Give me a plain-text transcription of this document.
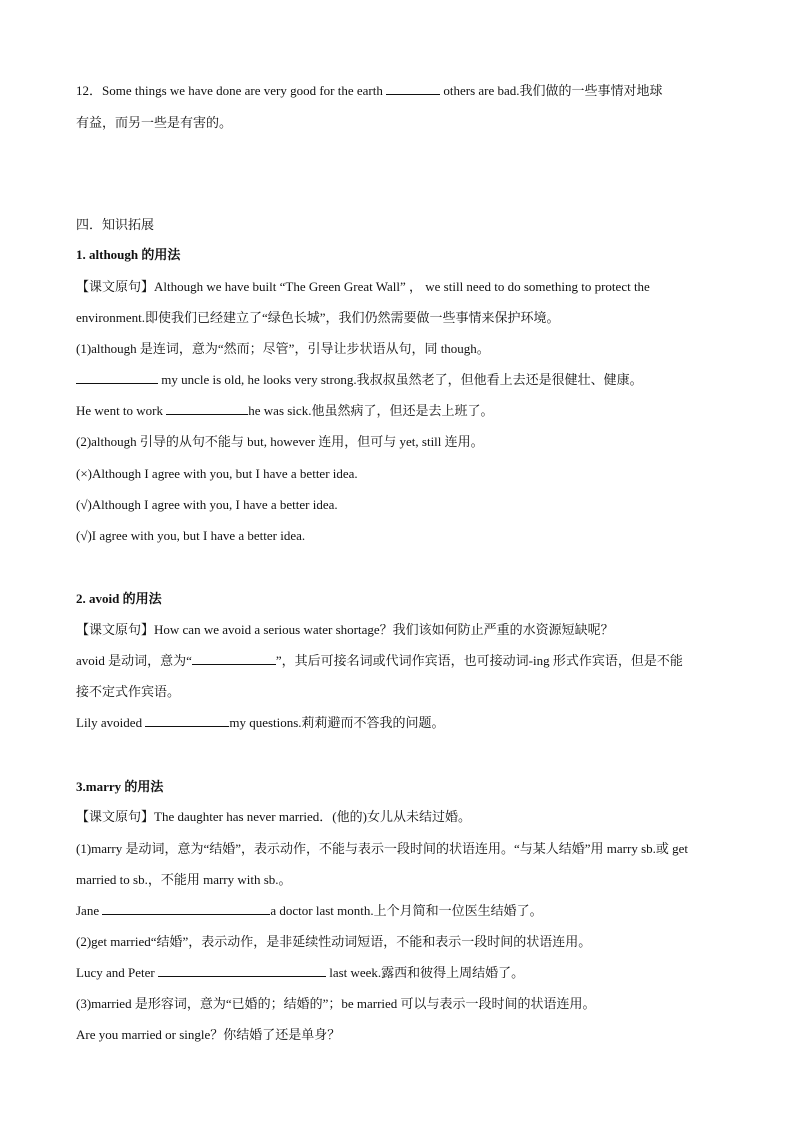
12．Some things we have done are very good for the earth	others are bad.我们做的一些事情对地球
有益，而另一些是有害的。
四．知识拓展
1. although 的用法
【课文原句】Although we have built “The Green Great Wall” ， we still need to do something to protect the
environment.即使我们已经建立了“绿色长城”，我们仍然需要做一些事情来保护环境。
(1)although 是连词，意为“然而；尽管”，引导让步状语从句，同 though。
my uncle is old, he looks very strong.我叔叔虽然老了，但他看上去还是很健壮、健康。
He went to work	he was sick.他虽然病了，但还是去上班了。
(2)although 引导的从句不能与 but, however 连用，但可与 yet, still 连用。
(×)Although I agree with you, but I have a better idea.
(√)Although I agree with you, I have a better idea.
(√)I agree with you, but I have a better idea.
2. avoid 的用法
【课文原句】How can we avoid a serious water shortage？我们该如何防止严重的水资源短缺呢？
avoid 是动词，意为“	”，其后可接名词或代词作宾语，也可接动词-ing 形式作宾语，但是不能
接不定式作宾语。
Lily avoided	my questions.莉莉避而不答我的问题。
3.marry 的用法
【课文原句】The daughter has never married．(他的)女儿从未结过婚。
(1)marry 是动词，意为“结婚”，表示动作，不能与表示一段时间的状语连用。“与某人结婚”用 marry sb.或 get
married to sb.，不能用 marry with sb.。
Jane	a doctor last month.上个月简和一位医生结婚了。
(2)get married“结婚”，表示动作，是非延续性动词短语，不能和表示一段时间的状语连用。
Lucy and Peter	last week.露西和彼得上周结婚了。
(3)married 是形容词，意为“已婚的；结婚的”；be married 可以与表示一段时间的状语连用。
Are you married or single？你结婚了还是单身？
